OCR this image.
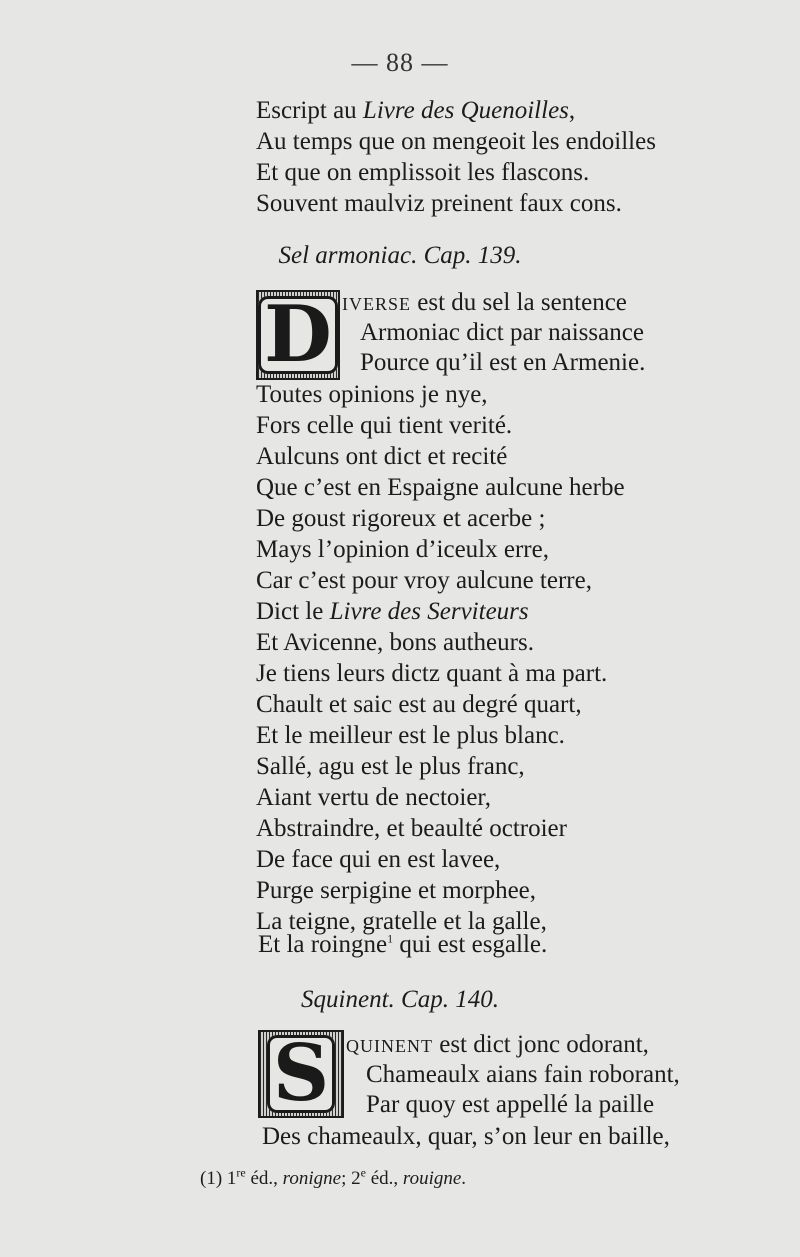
— 88 —
Escript au Livre des Quenoilles,
Au temps que on mengeoit les endoilles
Et que on emplissoit les flascons.
Souvent maulviz preinent faux cons.
Sel armoniac. Cap. 139.
D iverse est du sel la sentence
Armoniac dict par naissance
Pource qu’il est en Armenie.
Toutes opinions je nye,
Fors celle qui tient verité.
Aulcuns ont dict et recité
Que c’est en Espaigne aulcune herbe
De goust rigoreux et acerbe ;
Mays l’opinion d’iceulx erre,
Car c’est pour vroy aulcune terre,
Dict le Livre des Serviteurs
Et Avicenne, bons autheurs.
Je tiens leurs dictz quant à ma part.
Chault et saic est au degré quart,
Et le meilleur est le plus blanc.
Sallé, agu est le plus franc,
Aiant vertu de nectoier,
Abstraindre, et beaulté octroier
De face qui en est lavee,
Purge serpigine et morphee,
La teigne, gratelle et la galle,
Et la roingne$^1$ qui est esgalle.
Squinent. Cap. 140.
S quinent est dict jonc odorant,
Chameaulx aians fain roborant,
Par quoy est appellé la paille
Des chameaulx, quar, s’on leur en baille,
(1) 1re éd., ronigne; 2e éd., rouigne.
